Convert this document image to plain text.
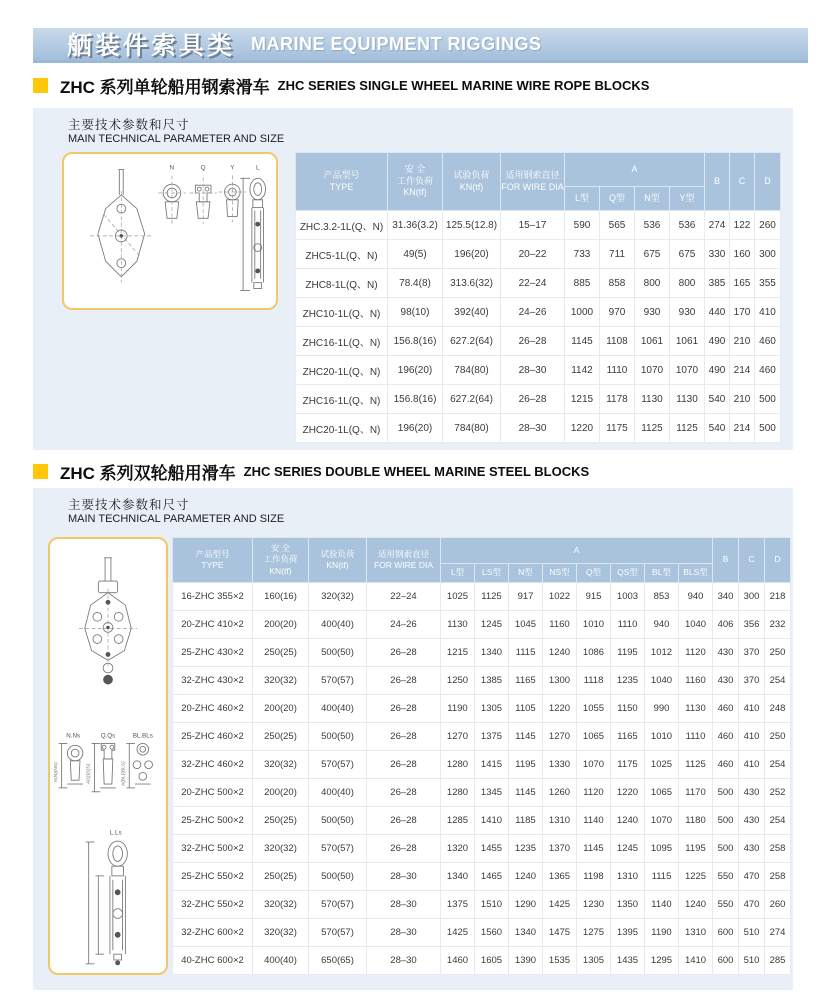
舾装件索具类 MARINE EQUIPMENT RIGGINGS
ZHC 系列单轮船用钢索滑车 ZHC SERIES SINGLE WHEEL MARINE WIRE ROPE BLOCKS
主要技术参数和尺寸
MAIN TECHNICAL PARAMETER AND SIZE
N	Q	Y	L
产品型号
TYPE	安 全
工作负荷
KN(tf)	试验负荷
KN(tf)	适用钢索直径
FOR WIRE DIA	A				B	C	D
				L型	Q型	N型	Y型			
ZHC.3.2-1L(Q、N)	31.36(3.2)	125.5(12.8)	15–17	590	565	536	536	274	122	260
ZHC5-1L(Q、N)	49(5)	196(20)	20–22	733	711	675	675	330	160	300
ZHC8-1L(Q、N)	78.4(8)	313.6(32)	22–24	885	858	800	800	385	165	355
ZHC10-1L(Q、N)	98(10)	392(40)	24–26	1000	970	930	930	440	170	410
ZHC16-1L(Q、N)	156.8(16)	627.2(64)	26–28	1145	1108	1061	1061	490	210	460
ZHC20-1L(Q、N)	196(20)	784(80)	28–30	1142	1110	1070	1070	490	214	460
ZHC16-1L(Q、N)	156.8(16)	627.2(64)	26–28	1215	1178	1130	1130	540	210	500
ZHC20-1L(Q、N)	196(20)	784(80)	28–30	1220	1175	1125	1125	540	214	500
ZHC 系列双轮船用滑车 ZHC SERIES DOUBLE WHEEL MARINE STEEL BLOCKS
主要技术参数和尺寸
MAIN TECHNICAL PARAMETER AND SIZE
N.Ns
A(N)(NS)
Q.Qs
A(Q)(QS)
BL.BLs
A(BL)(BLS)
L.Ls
产品型号
TYPE	安 全
工作负荷
KN(tf)	试验负荷
KN(tf)	适用钢索直径
FOR WIRE DIA	A								B	C	D
				L型	LS型	N型	NS型	Q型	QS型	BL型	BLS型			
16-ZHC 355×2	160(16)	320(32)	22–24	1025	1125	917	1022	915	1003	853	940	340	300	218
20-ZHC 410×2	200(20)	400(40)	24–26	1130	1245	1045	1160	1010	1110	940	1040	406	356	232
25-ZHC 430×2	250(25)	500(50)	26–28	1215	1340	1115	1240	1086	1195	1012	1120	430	370	250
32-ZHC 430×2	320(32)	570(57)	26–28	1250	1385	1165	1300	1118	1235	1040	1160	430	370	254
20-ZHC 460×2	200(20)	400(40)	26–28	1190	1305	1105	1220	1055	1150	990	1130	460	410	248
25-ZHC 460×2	250(25)	500(50)	26–28	1270	1375	1145	1270	1065	1165	1010	1110	460	410	250
32-ZHC 460×2	320(32)	570(57)	26–28	1280	1415	1195	1330	1070	1175	1025	1125	460	410	254
20-ZHC 500×2	200(20)	400(40)	26–28	1280	1345	1145	1260	1120	1220	1065	1170	500	430	252
25-ZHC 500×2	250(25)	500(50)	26–28	1285	1410	1185	1310	1140	1240	1070	1180	500	430	254
32-ZHC 500×2	320(32)	570(57)	26–28	1320	1455	1235	1370	1145	1245	1095	1195	500	430	258
25-ZHC 550×2	250(25)	500(50)	28–30	1340	1465	1240	1365	1198	1310	1115	1225	550	470	258
32-ZHC 550×2	320(32)	570(57)	28–30	1375	1510	1290	1425	1230	1350	1140	1240	550	470	260
32-ZHC 600×2	320(32)	570(57)	28–30	1425	1560	1340	1475	1275	1395	1190	1310	600	510	274
40-ZHC 600×2	400(40)	650(65)	28–30	1460	1605	1390	1535	1305	1435	1295	1410	600	510	285
